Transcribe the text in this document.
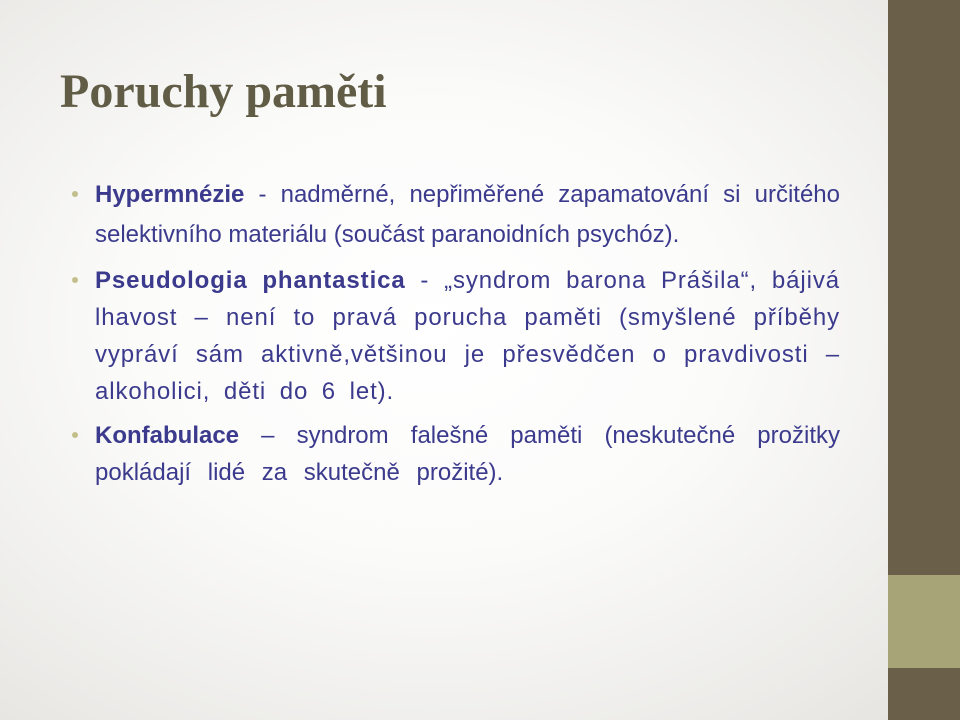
Poruchy paměti
Hypermnézie - nadměrné, nepřiměřené zapamatování si určitého selektivního materiálu (součást paranoidních psychóz).
Pseudologia phantastica - „syndrom barona Prášila“, bájivá lhavost – není to pravá porucha paměti (smyšlené příběhy vypráví sám aktivně,většinou je přesvědčen o pravdivosti – alkoholici, děti do 6 let).
Konfabulace – syndrom falešné paměti (neskutečné prožitky pokládají lidé za skutečně prožité).
